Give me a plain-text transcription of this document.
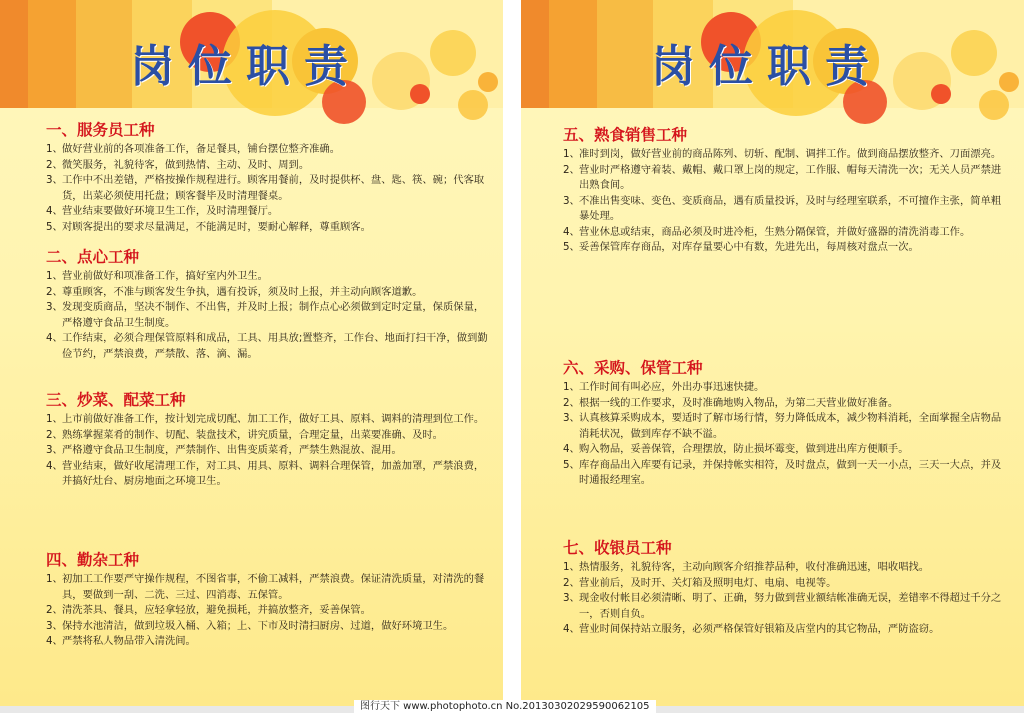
岗位职责
一、服务员工种
1、 做好营业前的各项准备工作，备足餐具，铺台摆位整齐准确。
2、 微笑服务，礼貌待客，做到热情、主动、及时、周到。
3、 工作中不出差错，严格按操作规程进行。顾客用餐前，及时提供杯、盘、匙、筷、碗；代客取货，出菜必须使用托盘；顾客餐毕及时清理餐桌。
4、 营业结束要做好环境卫生工作，及时清理餐厅。
5、 对顾客提出的要求尽量满足，不能满足时，要耐心解释，尊重顾客。
二、点心工种
1、 营业前做好和项准备工作，搞好室内外卫生。
2、 尊重顾客，不准与顾客发生争执，遇有投诉，须及时上报，并主动向顾客道歉。
3、 发现变质商品，坚决不制作、不出售，并及时上报；制作点心必须做到定时定量，保质保量，严格遵守食品卫生制度。
4、 工作结束，必须合理保管原料和成品，工具、用具放;置整齐，工作台、地面打扫干净，做到勤俭节约，严禁浪费，严禁散、落、滴、漏。
三、炒菜、配菜工种
1、 上市前做好准备工作，按计划完成切配、加工工作，做好工具、原料、调料的清理到位工作。
2、 熟练掌握菜肴的制作、切配、装盘技术，讲究质量，合理定量，出菜要准确、及时。
3、 严格遵守食品卫生制度，严禁制作、出售变质菜肴，严禁生熟混放、混用。
4、 营业结束，做好收尾清理工作，对工具、用具、原料、调料合理保管，加盖加罩，严禁浪费，并搞好灶台、厨房地面之环境卫生。
四、勤杂工种
1、 初加工工作要严守操作规程，不图省事，不偷工减料，严禁浪费。保证清洗质量，对清洗的餐具，要做到一刮、二洗、三过、四消毒、五保管。
2、 清洗茶具、餐具，应轻拿轻放，避免损耗，并搞放整齐，妥善保管。
3、 保持水池清洁，做到垃圾入桶、入箱；上、下市及时清扫厨房、过道，做好环境卫生。
4、 严禁将私人物品带入清洗间。
岗位职责
五、熟食销售工种
1、 准时到岗，做好营业前的商品陈列、切斩、配制、调拌工作。做到商品摆放整齐、刀面漂亮。
2、 营业时严格遵守着装、戴帽、戴口罩上岗的规定，工作服、帽每天清洗一次；无关人员严禁进出熟食间。
3、 不准出售变味、变色、变质商品，遇有质量投诉，及时与经理室联系，不可擅作主张，简单粗暴处理。
4、 营业休息或结束，商品必须及时进冷柜，生熟分隔保管，并做好盛器的清洗消毒工作。
5、 妥善保管库存商品，对库存量要心中有数，先进先出，每周核对盘点一次。
六、采购、保管工种
1、 工作时间有叫必应，外出办事迅速快捷。
2、 根据一线的工作要求，及时准确地购入物品，为第二天营业做好准备。
3、 认真核算采购成本，要适时了解市场行情，努力降低成本，减少物料消耗，全面掌握全店物品消耗状况，做到库存不缺不溢。
4、 购入物品，妥善保管，合理摆放，防止损坏霉变，做到进出库方便顺手。
5、 库存商品出入库要有记录，并保持帐实相符，及时盘点，做到一天一小点，三天一大点，并及时通报经理室。
七、收银员工种
1、 热情服务，礼貌待客，主动向顾客介绍推荐品种，收付准确迅速，唱收唱找。
2、 营业前后，及时开、关灯箱及照明电灯、电扇、电视等。
3、 现金收付帐目必须清晰、明了、正确，努力做到营业额结帐准确无误，差错率不得超过千分之一，否则自负。
4、 营业时间保持站立服务，必须严格保管好银箱及店堂内的其它物品，严防盗窃。
图行天下 www.photophoto.cn No.20130302029590062105
